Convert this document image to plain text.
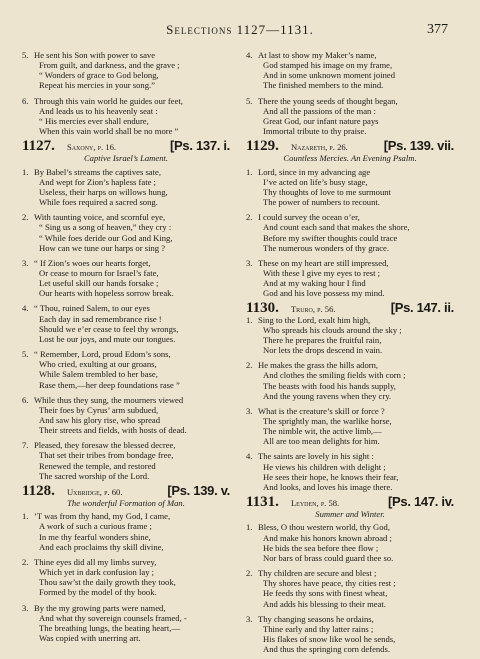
Selections 1127—1131.	377
5. He sent his Son with power to save
From guilt, and darkness, and the grave ;
“ Wonders of grace to God belong,
Repeat his mercies in your song.”
6. Through this vain world he guides our feet,
And leads us to his heavenly seat :
“ His mercies ever shall endure,
When this vain world shall be no more ”
1127.	Saxony, p. 16.	[Ps. 137. i.
Captive Israel’s Lament.
1. By Babel’s streams the captives sate,
And wept for Zion’s hapless fate ;
Useless, their harps on willows hung,
While foes required a sacred song.
2. With taunting voice, and scornful eye,
“ Sing us a song of heaven,” they cry :
“ While foes deride our God and King,
How can we tune our harps or sing ?
3. “ If Zion’s woes our hearts forget,
Or cease to mourn for Israel’s fate,
Let useful skill our hands forsake ;
Our hearts with hopeless sorrow break.
4. “ Thou, ruined Salem, to our eyes
Each day in sad remembrance rise !
Should we e’er cease to feel thy wrongs,
Lost be our joys, and mute our tongues.
5. “ Remember, Lord, proud Edom’s sons,
Who cried, exulting at our groans,
While Salem trembled to her base,
Rase them,—her deep foundations rase ”
6. While thus they sung, the mourners viewed
Their foes by Cyrus’ arm subdued,
And saw his glory rise, who spread
Their streets and fields, with hosts of dead.
7. Pleased, they foresaw the blessed decree,
That set their tribes from bondage free,
Renewed the temple, and restored
The sacred worship of the Lord.
1128.	Uxbridge, p. 60.	[Ps. 139. v.
The wonderful Formation of Man.
1. ’T was from thy hand, my God, I came,
A work of such a curious frame ;
In me thy fearful wonders shine,
And each proclaims thy skill divine,
2. Thine eyes did all my limbs survey,
Which yet in dark confusion lay ;
Thou saw’st the daily growth they took,
Formed by the model of thy book.
3. By the my growing parts were named,
And what thy sovereign counsels framed, -
The breathing lungs, the beating heart,—
Was copied with unerring art.
4. At last to show my Maker’s name,
God stamped his image on my frame,
And in some unknown moment joined
The finished members to the mind.
5. There the young seeds of thought began,
And all the passions of the man :
Great God, our infant nature pays
Immortal tribute to thy praise.
1129.	Nazareth, p. 26.	[Ps. 139. vii.
Countless Mercies. An Evening Psalm.
1. Lord, since in my advancing age
I’ve acted on life’s busy stage,
Thy thoughts of love to me surmount
The power of numbers to recount.
2. I could survey the ocean o’er,
And count each sand that makes the shore,
Before my swifter thoughts could trace
The numerous wonders of thy grace.
3. These on my heart are still impressed,
With these I give my eyes to rest ;
And at my waking hour I find
God and his love possess my mind.
1130.	Truro, p. 56.	[Ps. 147. ii.
1. Sing to the Lord, exalt him high,
Who spreads his clouds around the sky ;
There he prepares the fruitful rain,
Nor lets the drops descend in vain.
2. He makes the grass the hills adorn,
And clothes the smiling fields with corn ;
The beasts with food his hands supply,
And the young ravens when they cry.
3. What is the creature’s skill or force ?
The sprightly man, the warlike horse,
The nimble wit, the active limb,—
All are too mean delights for him.
4. The saints are lovely in his sight :
He views his children with delight ;
He sees their hope, he knows their fear,
And looks, and loves his image there.
1131.	Leyden, p. 58.	[Ps. 147. iv.
Summer and Winter.
1. Bless, O thou western world, thy God,
And make his honors known abroad ;
He bids the sea before thee flow ;
Nor bars of brass could guard thee so.
2. Thy children are secure and blest ;
Thy shores have peace, thy cities rest ;
He feeds thy sons with finest wheat,
And adds his blessing to their meat.
3. Thy changing seasons he ordains,
Thine early and thy latter rains ;
His flakes of snow like wool he sends,
And thus the springing corn defends.
